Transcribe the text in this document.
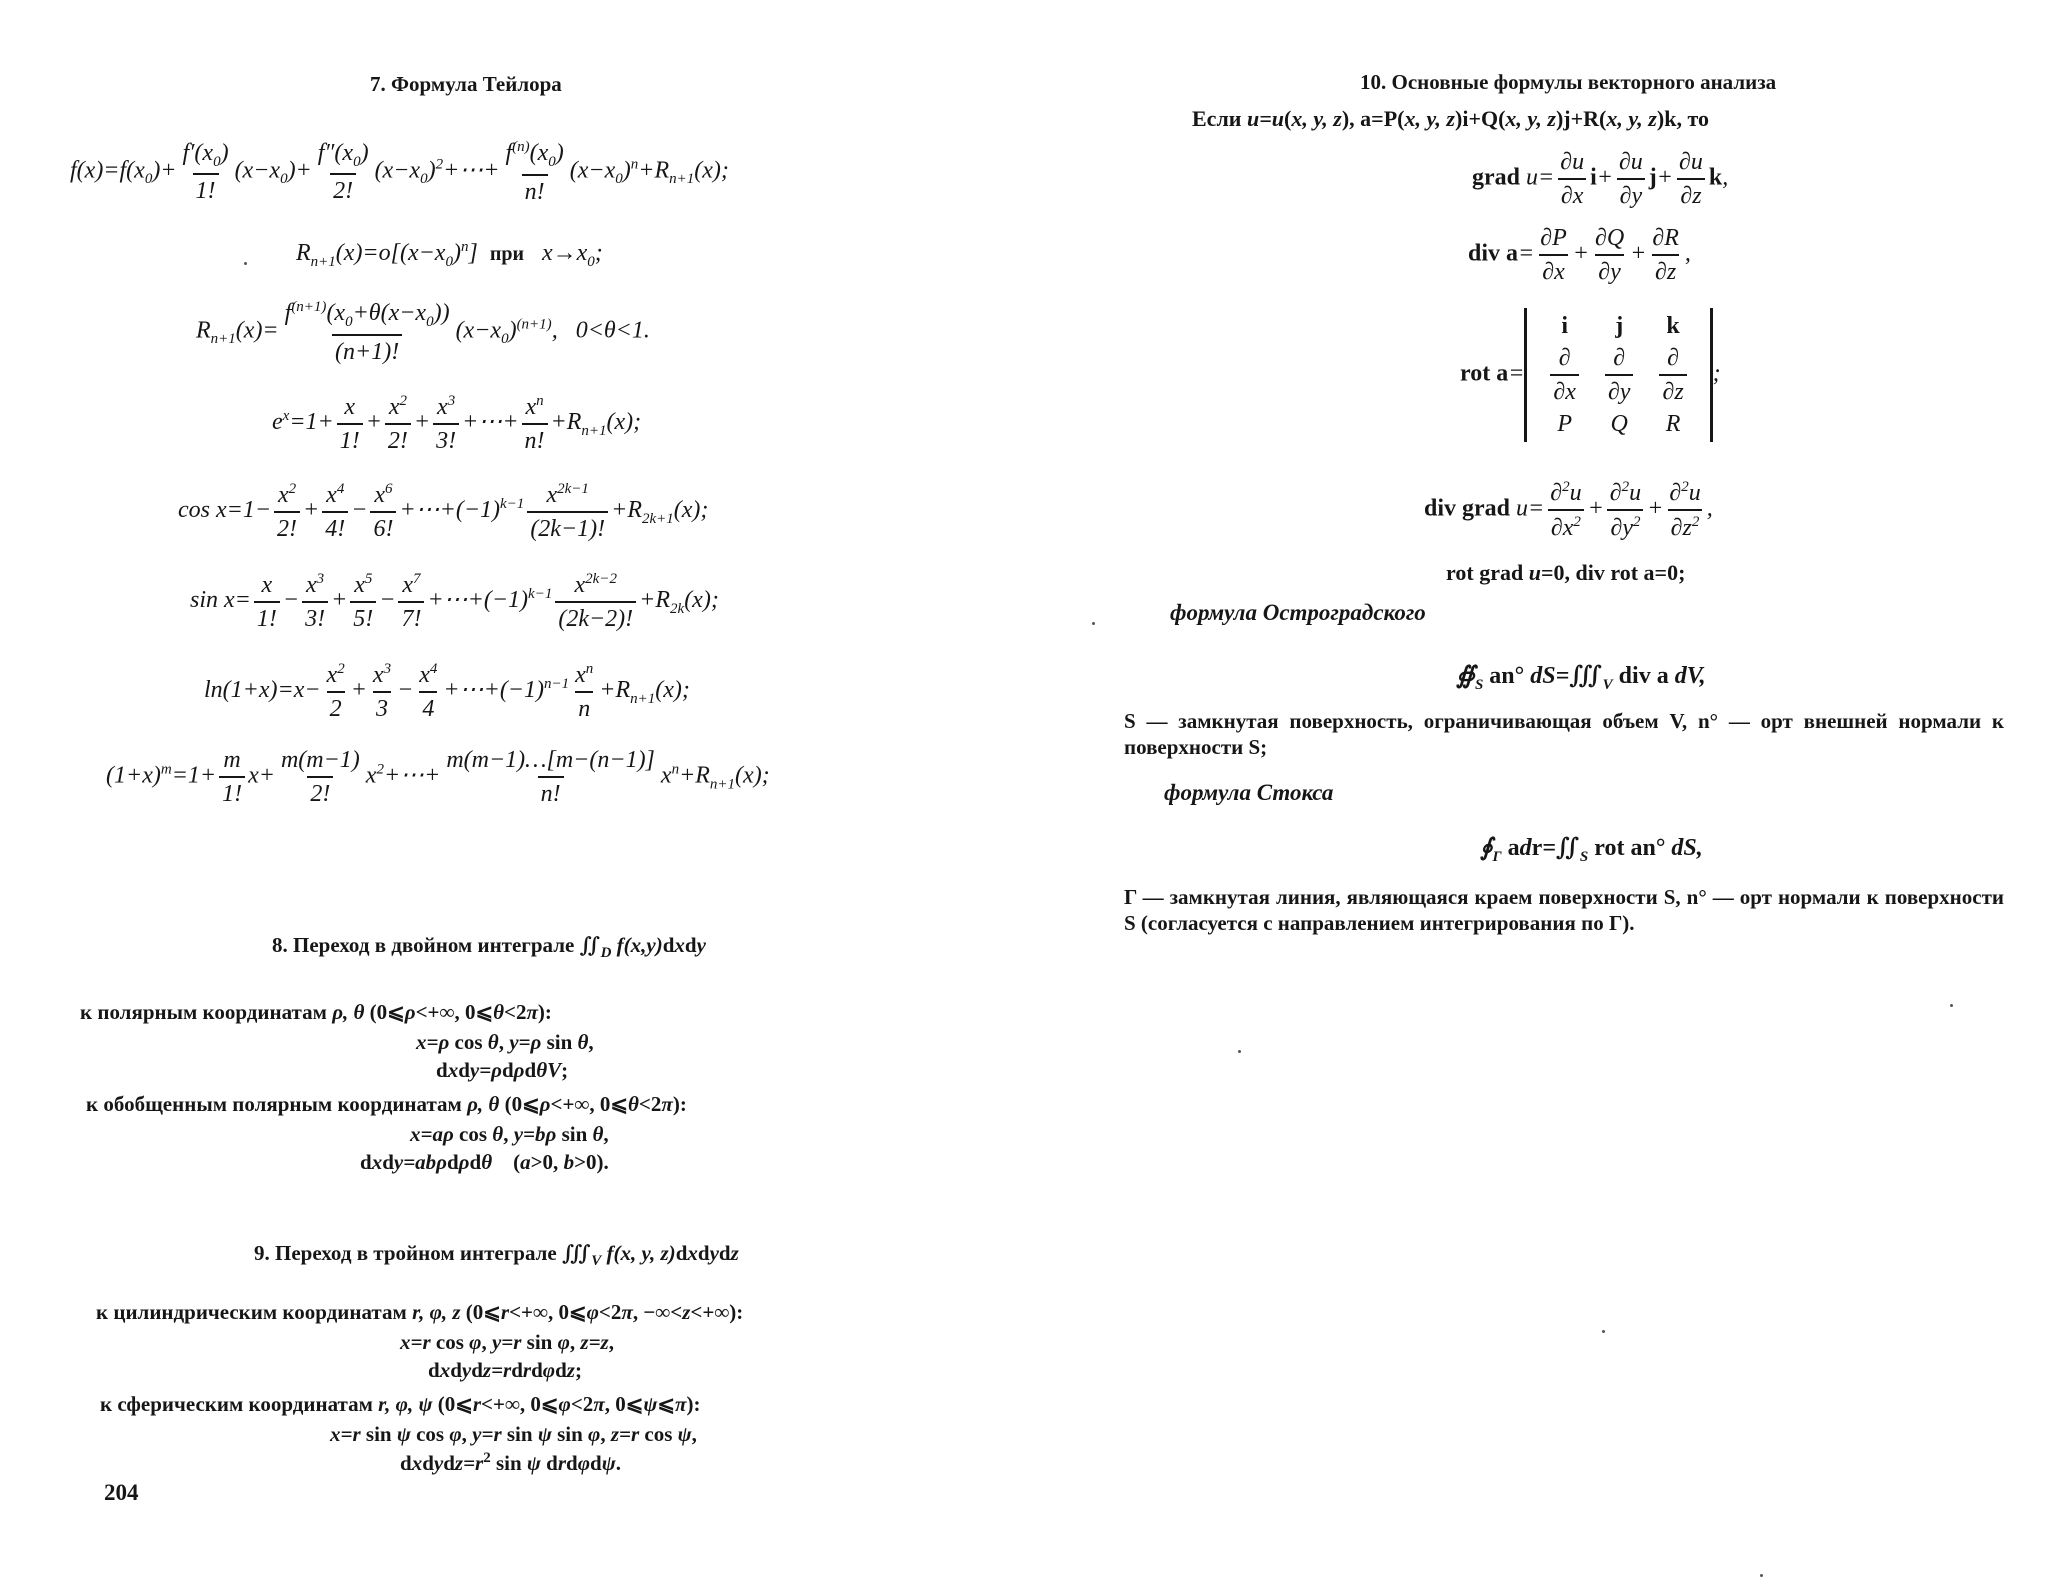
7. Формула Тейлора
$f(x)=f(x_0)+ \frac{f'(x_0)}{1!} (x-x_0)+ \frac{f''(x_0)}{2!}$ $(x-x_0)^2+\cdots+ \frac{f^{(n)}(x_0)}{n!} (x-x_0)^n+R_{n+1}(x)$;
$R_{n+1}(x)=o[(x-x_0)^n]$  при   $x\to x_0$;
$R_{n+1}(x)= \frac{f^{(n+1)}(x_0+\theta(x-x_0))}{(n+1)!} (x-x_0)^{(n+1)}$,   0<θ<1.
$e^x=1+ \frac{x}{1!} + \frac{x^2}{2!} + \frac{x^3}{3!}$ +⋯+ $\frac{x^n}{n!} +R_{n+1}(x)$;
$\cos x=1- \frac{x^2}{2!} + \frac{x^4}{4!} - \frac{x^6}{6!}$ $+\cdots+(-1)^{k-1} \frac{x^{2k-1}}{(2k-1)!} +R_{2k+1}(x)$;
$\sin x= \frac{x}{1!} - \frac{x^3}{3!} + \frac{x^5}{5!} - \frac{x^7}{7!}$ $+\cdots+(-1)^{k-1} \frac{x^{2k-2}}{(2k-2)!} +R_{2k}(x)$;
$\ln(1+x)=x- \frac{x^2}{2} + \frac{x^3}{3} - \frac{x^4}{4}$ $+\cdots+(-1)^{n-1} \frac{x^n}{n} +R_{n+1}(x)$;
$(1+x)^m=1+ \frac{m}{1!} x+ \frac{m(m-1)}{2!}$ $x^2+\cdots+ \frac{m(m-1)\dots[m-(n-1)]}{n!} x^n+R_{n+1}(x)$;
8. Переход в двойном интеграле $∬_D$ f(x,y)dxdy
к полярным координатам ρ, θ (0⩽ρ<+∞, 0⩽θ<2π):
x=ρ cos θ, y=ρ sin θ,
dxdy=ρdρdθV;
к обобщенным полярным координатам ρ, θ (0⩽ρ<+∞, 0⩽θ<2π):
x=aρ cos θ, y=bρ sin θ,
dxdy=abρdρdθ    (a>0, b>0).
9. Переход в тройном интеграле $∭_V$ f(x, y, z)dxdydz
к цилиндрическим координатам r, φ, z (0⩽r<+∞, 0⩽φ<2π, −∞<z<+∞):
x=r cos φ, y=r sin φ, z=z,
dxdydz=rdrdφdz;
к сферическим координатам r, φ, ψ (0⩽r<+∞, 0⩽φ<2π, 0⩽ψ⩽π):
x=r sin ψ cos φ, y=r sin ψ sin φ, z=r cos ψ,
$dxdydz=r^2$ sin ψ drdφdψ.
204
10. Основные формулы векторного анализа
Если u=u(x, y, z), a=P(x, y, z)i+Q(x, y, z)j+R(x, y, z)k, то
grad $u= \frac{\partial u}{\partial x} i+ \frac{\partial u}{\partial y} j+ \frac{\partial u}{\partial z} k$,
div $a= \frac{\partial P}{\partial x} + \frac{\partial Q}{\partial y} + \frac{\partial R}{\partial z}$ ,
rot a=
i	j	k

$\frac{\partial}{\partial x}$	$\frac{\partial}{\partial y}$	$\frac{\partial}{\partial z}$

P	Q	R
;
div grad $u= \frac{\partial^2u}{\partial x^2} + \frac{\partial^2u}{\partial y^2} + \frac{\partial^2u}{\partial z^2}$ ,
rot grad u=0, div rot a=0;
формула Остроградского
$∯_S$ an° $dS=∭_V$ div a dV,
S — замкнутая поверхность, ограничивающая объем V, n° — орт внешней нормали к поверхности S;
формула Стокса
$∮_\Gamma$ $adr=∬_S$ rot an° dS,
Γ — замкнутая линия, являющаяся краем поверхности S, n° — орт нормали к поверхности S (согласуется с направлением интегрирования по Γ).
